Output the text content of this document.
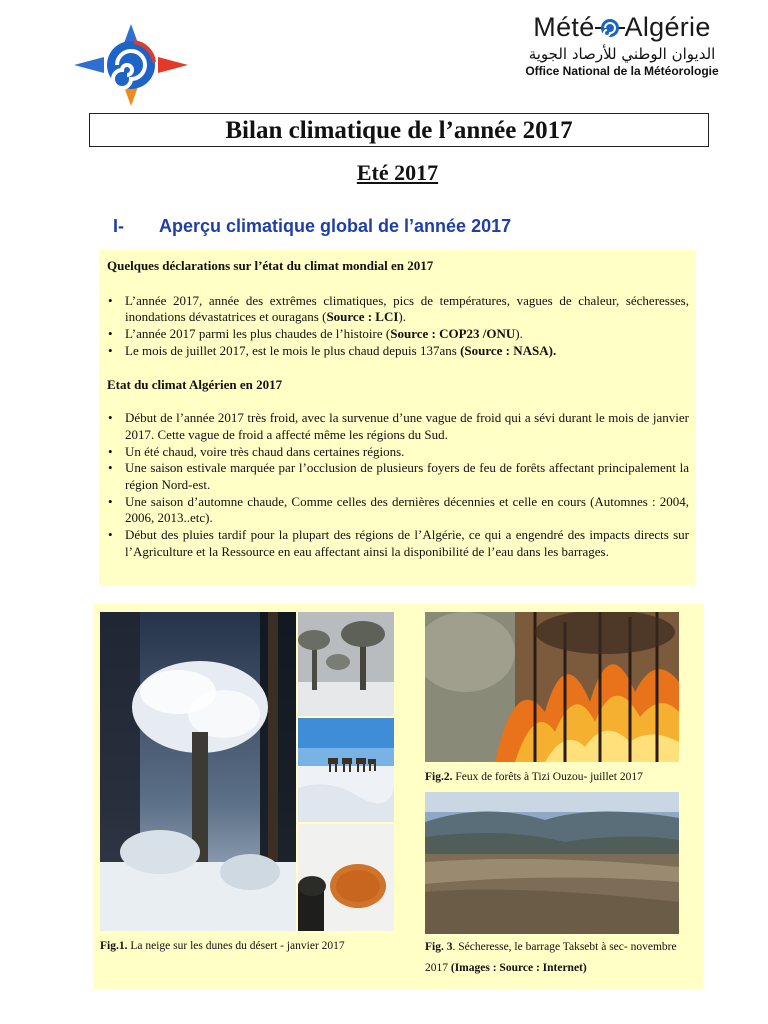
Mété Algérie
الديوان الوطني للأرصاد الجوية
Office National de la Météorologie
Bilan climatique de l’année 2017
Eté 2017
I- Aperçu climatique global de l’année 2017
Quelques déclarations sur l’état du climat mondial en 2017
• L’année 2017, année des extrêmes climatiques, pics de températures, vagues de chaleur, sécheresses, inondations dévastatrices et ouragans (Source : LCI).
• L’année 2017 parmi les plus chaudes de l’histoire (Source : COP23 /ONU).
• Le mois de juillet 2017, est le mois le plus chaud depuis 137ans (Source : NASA).
Etat du climat Algérien en 2017
• Début de l’année 2017 très froid, avec la survenue d’une vague de froid qui a sévi durant le mois de janvier 2017. Cette vague de froid a affecté même les régions du Sud.
• Un été chaud, voire très chaud dans certaines régions.
• Une saison estivale marquée par l’occlusion de plusieurs foyers de feu de forêts affectant principalement la région Nord-est.
• Une saison d’automne chaude, Comme celles des dernières décennies et celle en cours (Automnes : 2004, 2006, 2013..etc).
• Début des pluies tardif pour la plupart des régions de l’Algérie, ce qui a engendré des impacts directs sur l’Agriculture et la Ressource en eau affectant ainsi la disponibilité de l’eau dans les barrages.
Fig.1. La neige sur les dunes du désert - janvier 2017
Fig.2. Feux de forêts à Tizi Ouzou- juillet 2017
Fig. 3. Sécheresse, le barrage Taksebt à sec- novembre 2017 (Images : Source : Internet)
